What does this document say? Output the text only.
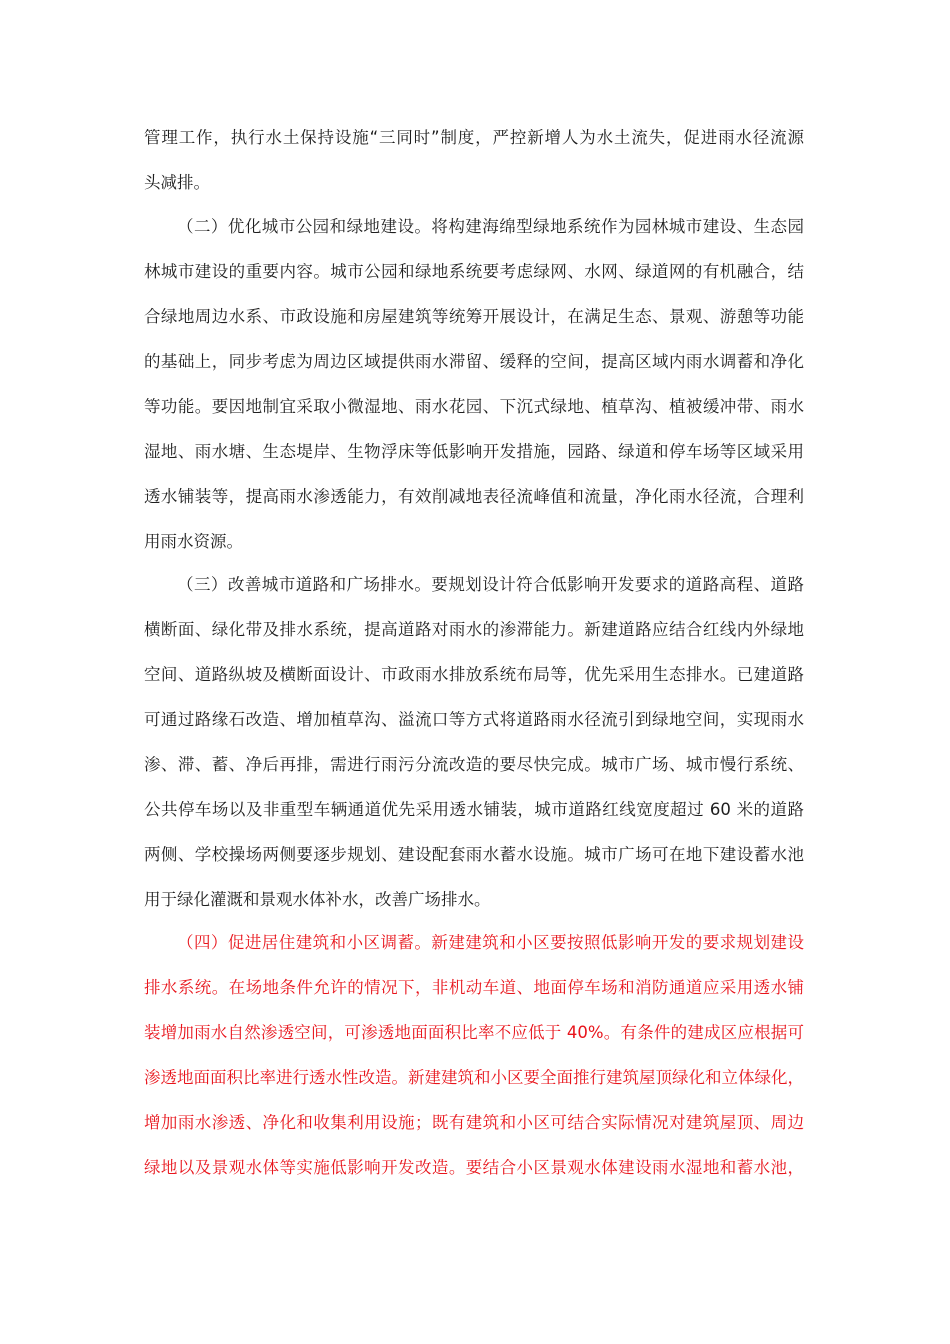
管理工作，执行水土保持设施“三同时”制度，严控新增人为水土流失，促进雨水径流源
头减排。
（二）优化城市公园和绿地建设。将构建海绵型绿地系统作为园林城市建设、生态园
林城市建设的重要内容。城市公园和绿地系统要考虑绿网、水网、绿道网的有机融合，结
合绿地周边水系、市政设施和房屋建筑等统筹开展设计，在满足生态、景观、游憩等功能
的基础上，同步考虑为周边区域提供雨水滞留、缓释的空间，提高区域内雨水调蓄和净化
等功能。要因地制宜采取小微湿地、雨水花园、下沉式绿地、植草沟、植被缓冲带、雨水
湿地、雨水塘、生态堤岸、生物浮床等低影响开发措施，园路、绿道和停车场等区域采用
透水铺装等，提高雨水渗透能力，有效削减地表径流峰值和流量，净化雨水径流，合理利
用雨水资源。
（三）改善城市道路和广场排水。要规划设计符合低影响开发要求的道路高程、道路
横断面、绿化带及排水系统，提高道路对雨水的渗滞能力。新建道路应结合红线内外绿地
空间、道路纵坡及横断面设计、市政雨水排放系统布局等，优先采用生态排水。已建道路
可通过路缘石改造、增加植草沟、溢流口等方式将道路雨水径流引到绿地空间，实现雨水
渗、滞、蓄、净后再排，需进行雨污分流改造的要尽快完成。城市广场、城市慢行系统、
公共停车场以及非重型车辆通道优先采用透水铺装，城市道路红线宽度超过 60 米的道路
两侧、学校操场两侧要逐步规划、建设配套雨水蓄水设施。城市广场可在地下建设蓄水池
用于绿化灌溉和景观水体补水，改善广场排水。
（四）促进居住建筑和小区调蓄。新建建筑和小区要按照低影响开发的要求规划建设
排水系统。在场地条件允许的情况下，非机动车道、地面停车场和消防通道应采用透水铺
装增加雨水自然渗透空间，可渗透地面面积比率不应低于 40%。有条件的建成区应根据可
渗透地面面积比率进行透水性改造。新建建筑和小区要全面推行建筑屋顶绿化和立体绿化，
增加雨水渗透、净化和收集利用设施；既有建筑和小区可结合实际情况对建筑屋顶、周边
绿地以及景观水体等实施低影响开发改造。要结合小区景观水体建设雨水湿地和蓄水池，
